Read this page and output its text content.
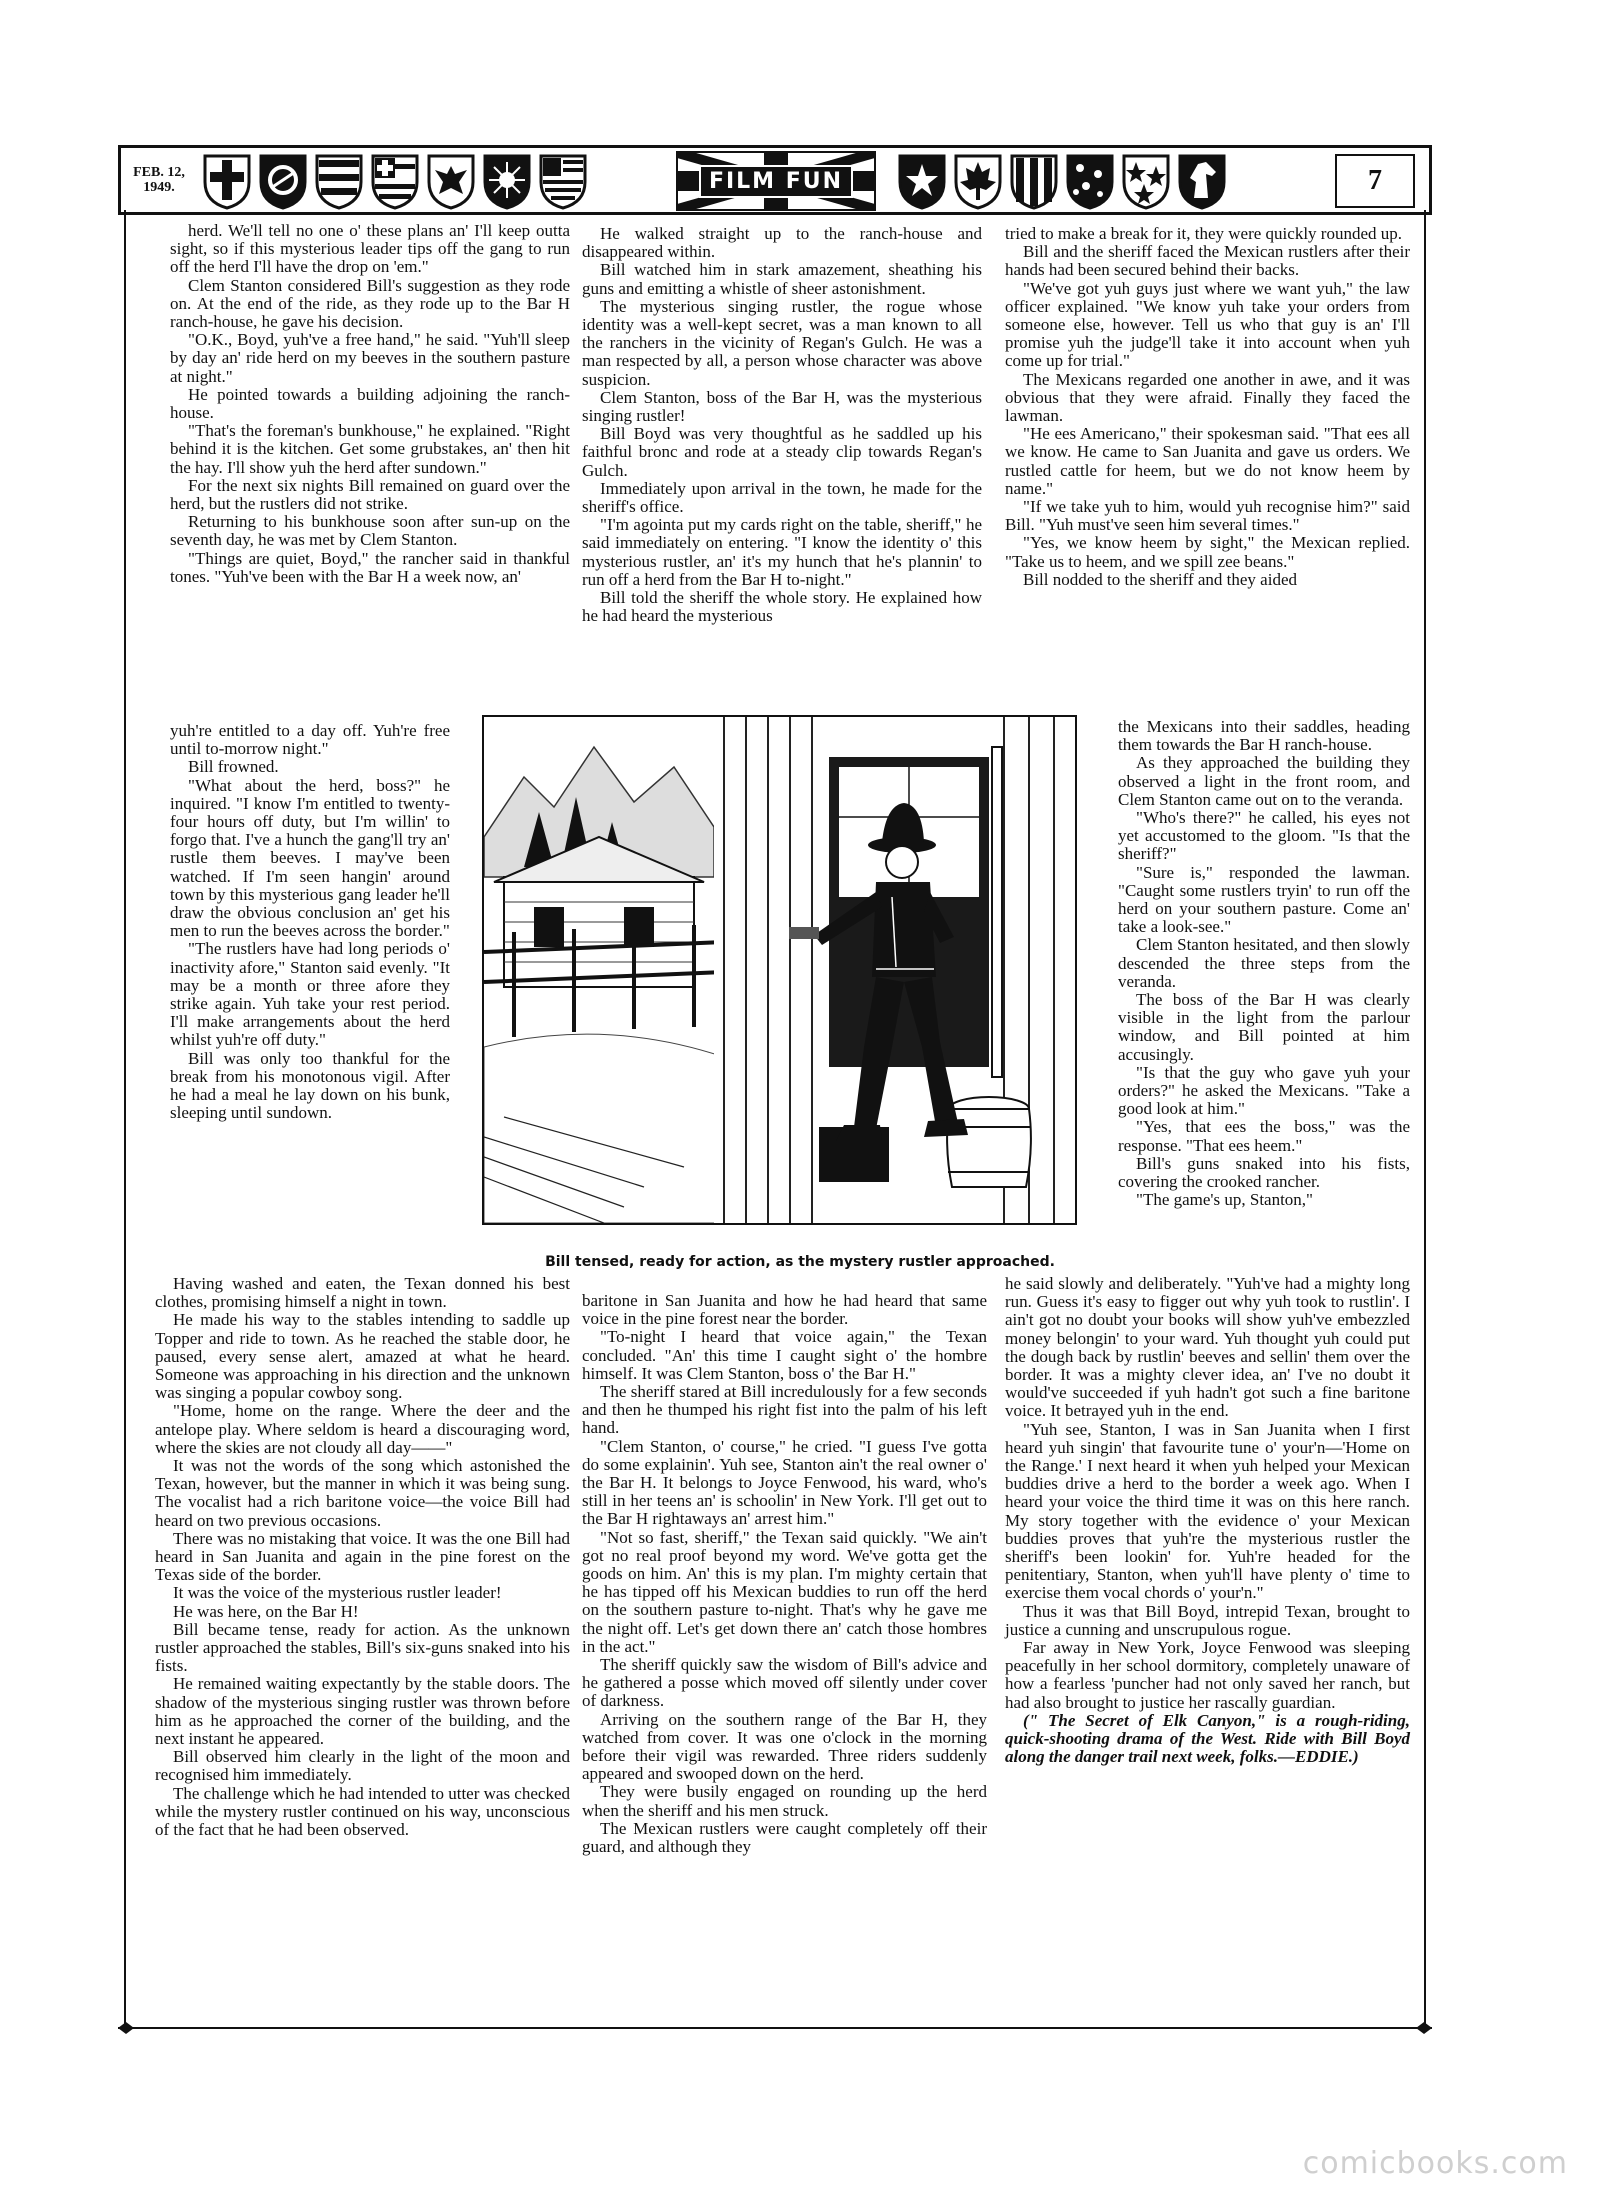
FEB. 12,
1949.	FILM FUN	7

herd. We'll tell no one o' these plans an' I'll keep outta sight, so if this mysterious leader tips off the gang to run off the herd I'll have the drop on 'em."

Clem Stanton considered Bill's suggestion as they rode on. At the end of the ride, as they rode up to the Bar H ranch-house, he gave his decision.

"O.K., Boyd, yuh've a free hand," he said. "Yuh'll sleep by day an' ride herd on my beeves in the southern pasture at night."

He pointed towards a building adjoining the ranch-house.

"That's the foreman's bunkhouse," he explained. "Right behind it is the kitchen. Get some grubstakes, an' then hit the hay. I'll show yuh the herd after sundown."

For the next six nights Bill remained on guard over the herd, but the rustlers did not strike.

Returning to his bunkhouse soon after sun-up on the seventh day, he was met by Clem Stanton.

"Things are quiet, Boyd," the rancher said in thankful tones. "Yuh've been with the Bar H a week now, an'

yuh're entitled to a day off. Yuh're free until to-morrow night."

Bill frowned.

"What about the herd, boss?" he inquired. "I know I'm entitled to twenty-four hours off duty, but I'm willin' to forgo that. I've a hunch the gang'll try an' rustle them beeves. I may've been watched. If I'm seen hangin' around town by this mysterious gang leader he'll draw the obvious conclusion an' get his men to run the beeves across the border."

"The rustlers have had long periods o' inactivity afore," Stanton said evenly. "It may be a month or three afore they strike again. Yuh take your rest period. I'll make arrangements about the herd whilst yuh're off duty."

Bill was only too thankful for the break from his monotonous vigil. After he had a meal he lay down on his bunk, sleeping until sundown.

He walked straight up to the ranch-house and disappeared within.

Bill watched him in stark amazement, sheathing his guns and emitting a whistle of sheer astonishment.

The mysterious singing rustler, the rogue whose identity was a well-kept secret, was a man known to all the ranchers in the vicinity of Regan's Gulch. He was a man respected by all, a person whose character was above suspicion.

Clem Stanton, boss of the Bar H, was the mysterious singing rustler!

Bill Boyd was very thoughtful as he saddled up his faithful bronc and rode at a steady clip towards Regan's Gulch.

Immediately upon arrival in the town, he made for the sheriff's office.

"I'm agointa put my cards right on the table, sheriff," he said immediately on entering. "I know the identity o' this mysterious rustler, an' it's my hunch that he's plannin' to run off a herd from the Bar H to-night."

Bill told the sheriff the whole story. He explained how he had heard the mysterious

tried to make a break for it, they were quickly rounded up.

Bill and the sheriff faced the Mexican rustlers after their hands had been secured behind their backs.

"We've got yuh guys just where we want yuh," the law officer explained. "We know yuh take your orders from someone else, however. Tell us who that guy is an' I'll promise yuh the judge'll take it into account when yuh come up for trial."

The Mexicans regarded one another in awe, and it was obvious that they were afraid. Finally they faced the lawman.

"He ees Americano," their spokesman said. "That ees all we know. He came to San Juanita and gave us orders. We rustled cattle for heem, but we do not know heem by name."

"If we take yuh to him, would yuh recognise him?" said Bill. "Yuh must've seen him several times."

"Yes, we know heem by sight," the Mexican replied. "Take us to heem, and we spill zee beans."

Bill nodded to the sheriff and they aided

the Mexicans into their saddles, heading them towards the Bar H ranch-house.

As they approached the building they observed a light in the front room, and Clem Stanton came out on to the veranda.

"Who's there?" he called, his eyes not yet accustomed to the gloom. "Is that the sheriff?"

"Sure is," responded the lawman. "Caught some rustlers tryin' to run off the herd on your southern pasture. Come an' take a look-see."

Clem Stanton hesitated, and then slowly descended the three steps from the veranda.

The boss of the Bar H was clearly visible in the light from the parlour window, and Bill pointed at him accusingly.

"Is that the guy who gave yuh your orders?" he asked the Mexicans. "Take a good look at him."

"Yes, that ees the boss," was the response. "That ees heem."

Bill's guns snaked into his fists, covering the crooked rancher.

"The game's up, Stanton,"

Bill tensed, ready for action, as the mystery rustler approached.

Having washed and eaten, the Texan donned his best clothes, promising himself a night in town.

He made his way to the stables intending to saddle up Topper and ride to town. As he reached the stable door, he paused, every sense alert, amazed at what he heard. Someone was approaching in his direction and the unknown was singing a popular cowboy song.

"Home, home on the range. Where the deer and the antelope play. Where seldom is heard a discouraging word, where the skies are not cloudy all day——"

It was not the words of the song which astonished the Texan, however, but the manner in which it was being sung. The vocalist had a rich baritone voice—the voice Bill had heard on two previous occasions.

There was no mistaking that voice. It was the one Bill had heard in San Juanita and again in the pine forest on the Texas side of the border.

It was the voice of the mysterious rustler leader!

He was here, on the Bar H!

Bill became tense, ready for action. As the unknown rustler approached the stables, Bill's six-guns snaked into his fists.

He remained waiting expectantly by the stable doors. The shadow of the mysterious singing rustler was thrown before him as he approached the corner of the building, and the next instant he appeared.

Bill observed him clearly in the light of the moon and recognised him immediately.

The challenge which he had intended to utter was checked while the mystery rustler continued on his way, unconscious of the fact that he had been observed.

baritone in San Juanita and how he had heard that same voice in the pine forest near the border.

"To-night I heard that voice again," the Texan concluded. "An' this time I caught sight o' the hombre himself. It was Clem Stanton, boss o' the Bar H."

The sheriff stared at Bill incredulously for a few seconds and then he thumped his right fist into the palm of his left hand.

"Clem Stanton, o' course," he cried. "I guess I've gotta do some explainin'. Yuh see, Stanton ain't the real owner o' the Bar H. It belongs to Joyce Fenwood, his ward, who's still in her teens an' is schoolin' in New York. I'll get out to the Bar H rightaways an' arrest him."

"Not so fast, sheriff," the Texan said quickly. "We ain't got no real proof beyond my word. We've gotta get the goods on him. An' this is my plan. I'm mighty certain that he has tipped off his Mexican buddies to run off the herd on the southern pasture to-night. That's why he gave me the night off. Let's get down there an' catch those hombres in the act."

The sheriff quickly saw the wisdom of Bill's advice and he gathered a posse which moved off silently under cover of darkness.

Arriving on the southern range of the Bar H, they watched from cover. It was one o'clock in the morning before their vigil was rewarded. Three riders suddenly appeared and swooped down on the herd.

They were busily engaged on rounding up the herd when the sheriff and his men struck.

The Mexican rustlers were caught completely off their guard, and although they

he said slowly and deliberately. "Yuh've had a mighty long run. Guess it's easy to figger out why yuh took to rustlin'. I ain't got no doubt your books will show yuh've embezzled money belongin' to your ward. Yuh thought yuh could put the dough back by rustlin' beeves and sellin' them over the border. It was a mighty clever idea, an' I've no doubt it would've succeeded if yuh hadn't got such a fine baritone voice. It betrayed yuh in the end.

"Yuh see, Stanton, I was in San Juanita when I first heard yuh singin' that favourite tune o' your'n—'Home on the Range.' I next heard it when yuh helped your Mexican buddies drive a herd to the border a week ago. When I heard your voice the third time it was on this here ranch. My story together with the evidence o' your Mexican buddies proves that yuh're the mysterious rustler the sheriff's been lookin' for. Yuh're headed for the penitentiary, Stanton, when yuh'll have plenty o' time to exercise them vocal chords o' your'n."

Thus it was that Bill Boyd, intrepid Texan, brought to justice a cunning and unscrupulous rogue.

Far away in New York, Joyce Fenwood was sleeping peacefully in her school dormitory, completely unaware of how a fearless 'puncher had not only saved her ranch, but had also brought to justice her rascally guardian.

(" The Secret of Elk Canyon," is a rough-riding, quick-shooting drama of the West. Ride with Bill Boyd along the danger trail next week, folks.—EDDIE.)

comicbooks.com
